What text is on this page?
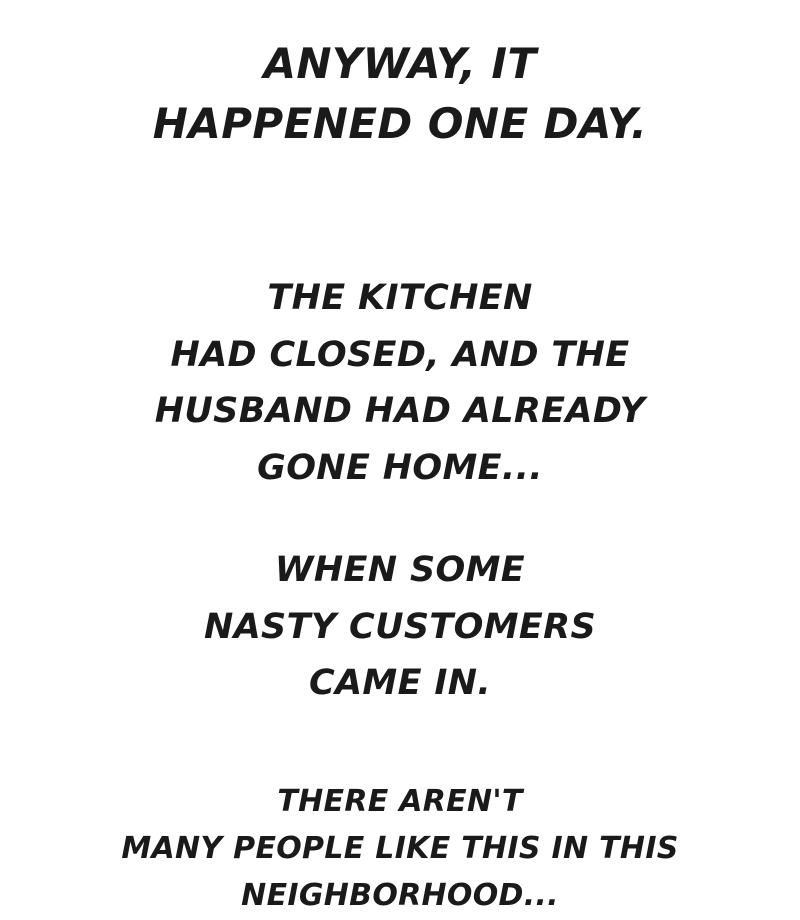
ANYWAY, IT
HAPPENED ONE DAY.
THE KITCHEN
HAD CLOSED, AND THE
HUSBAND HAD ALREADY
GONE HOME...
WHEN SOME
NASTY CUSTOMERS
CAME IN.
THERE AREN'T
MANY PEOPLE LIKE THIS IN THIS
NEIGHBORHOOD...
